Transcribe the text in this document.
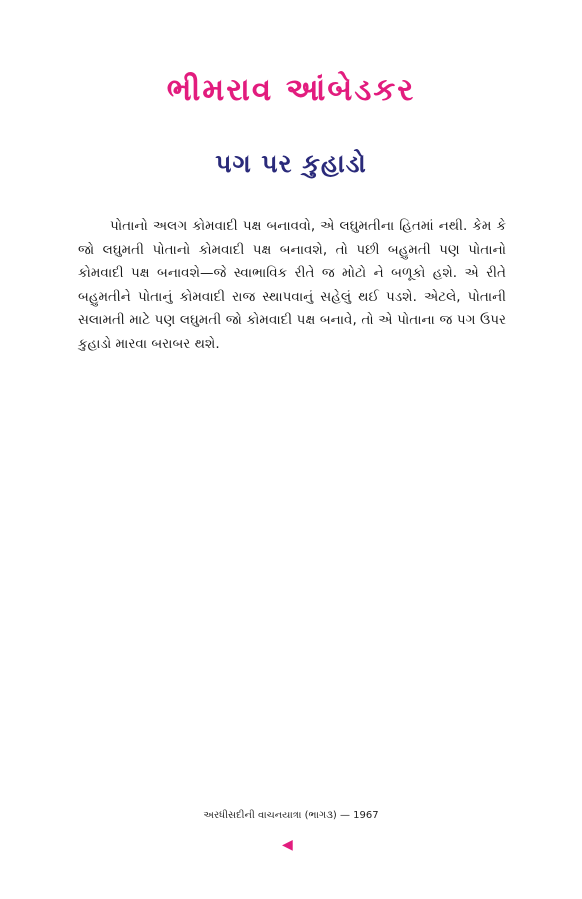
ભીમરાવ આંબેડકર
પગ પર કુહાડો

પોતાનો અલગ કોમવાદી પક્ષ બનાવવો, એ લઘુમતીના હિતમાં નથી. કેમ કે જો લઘુમતી પોતાનો કોમવાદી પક્ષ બનાવશે, તો પછી બહુમતી પણ પોતાનો કોમવાદી પક્ષ બનાવશે—જે સ્વાભાવિક રીતે જ મોટો ને બળૂકો હશે. એ રીતે બહુમતીને પોતાનું કોમવાદી રાજ સ્થાપવાનું સહેલું થઈ પડશે. એટલે, પોતાની સલામતી માટે પણ લઘુમતી જો કોમવાદી પક્ષ બનાવે, તો એ પોતાના જ પગ ઉપર કુહાડો મારવા બરાબર થશે.

અરધીસદીની વાચનયાત્રા (ભાગ૩) — 1967
◀
